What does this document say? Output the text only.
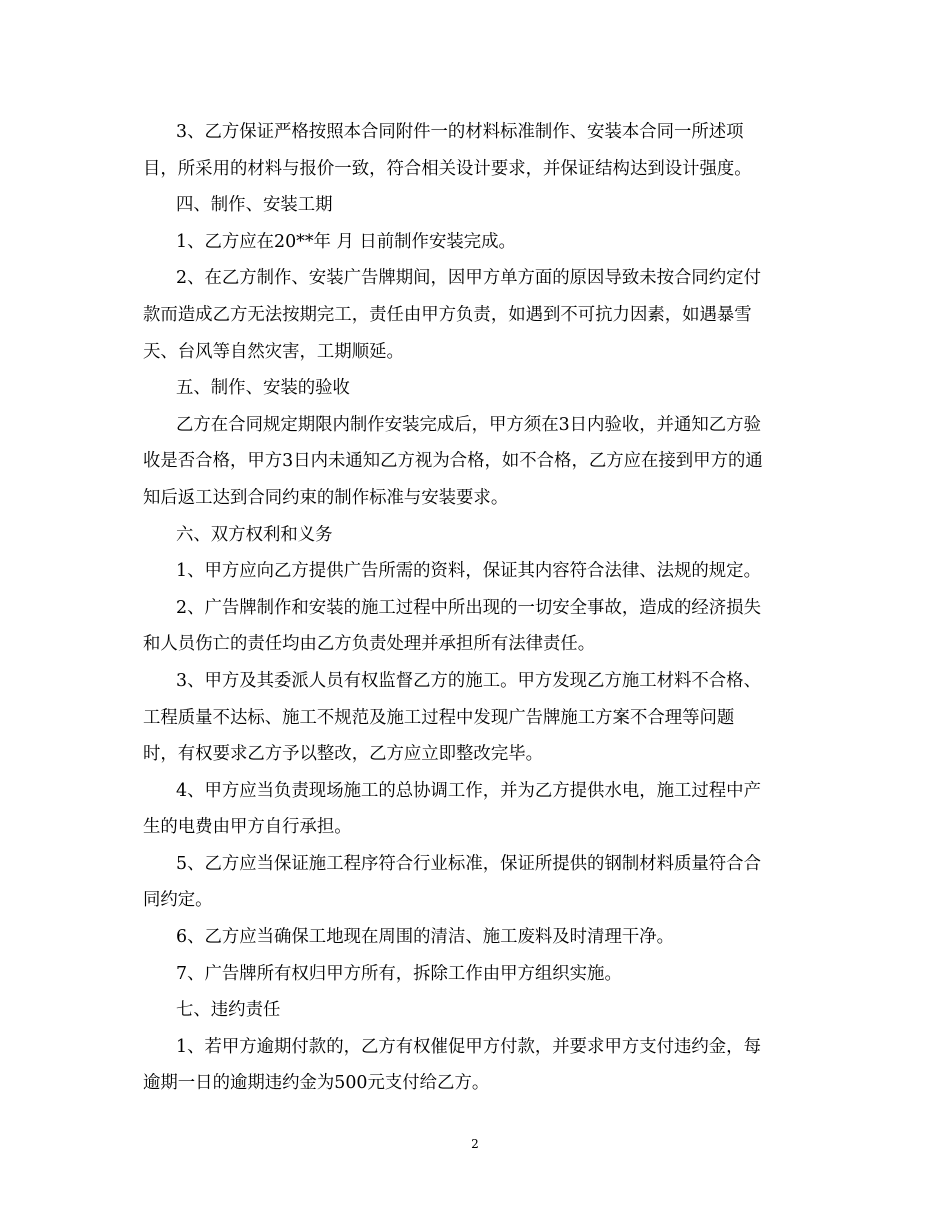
3、乙方保证严格按照本合同附件一的材料标准制作、安装本合同一所述项
目，所采用的材料与报价一致，符合相关设计要求，并保证结构达到设计强度。
四、制作、安装工期
1、乙方应在20**年 月 日前制作安装完成。
2、在乙方制作、安装广告牌期间，因甲方单方面的原因导致未按合同约定付
款而造成乙方无法按期完工，责任由甲方负责，如遇到不可抗力因素，如遇暴雪
天、台风等自然灾害，工期顺延。
五、制作、安装的验收
乙方在合同规定期限内制作安装完成后，甲方须在3日内验收，并通知乙方验
收是否合格，甲方3日内未通知乙方视为合格，如不合格，乙方应在接到甲方的通
知后返工达到合同约束的制作标准与安装要求。
六、双方权利和义务
1、甲方应向乙方提供广告所需的资料，保证其内容符合法律、法规的规定。
2、广告牌制作和安装的施工过程中所出现的一切安全事故，造成的经济损失
和人员伤亡的责任均由乙方负责处理并承担所有法律责任。
3、甲方及其委派人员有权监督乙方的施工。甲方发现乙方施工材料不合格、
工程质量不达标、施工不规范及施工过程中发现广告牌施工方案不合理等问题
时，有权要求乙方予以整改，乙方应立即整改完毕。
4、甲方应当负责现场施工的总协调工作，并为乙方提供水电，施工过程中产
生的电费由甲方自行承担。
5、乙方应当保证施工程序符合行业标准，保证所提供的钢制材料质量符合合
同约定。
6、乙方应当确保工地现在周围的清洁、施工废料及时清理干净。
7、广告牌所有权归甲方所有，拆除工作由甲方组织实施。
七、违约责任
1、若甲方逾期付款的，乙方有权催促甲方付款，并要求甲方支付违约金，每
逾期一日的逾期违约金为500元支付给乙方。
2
